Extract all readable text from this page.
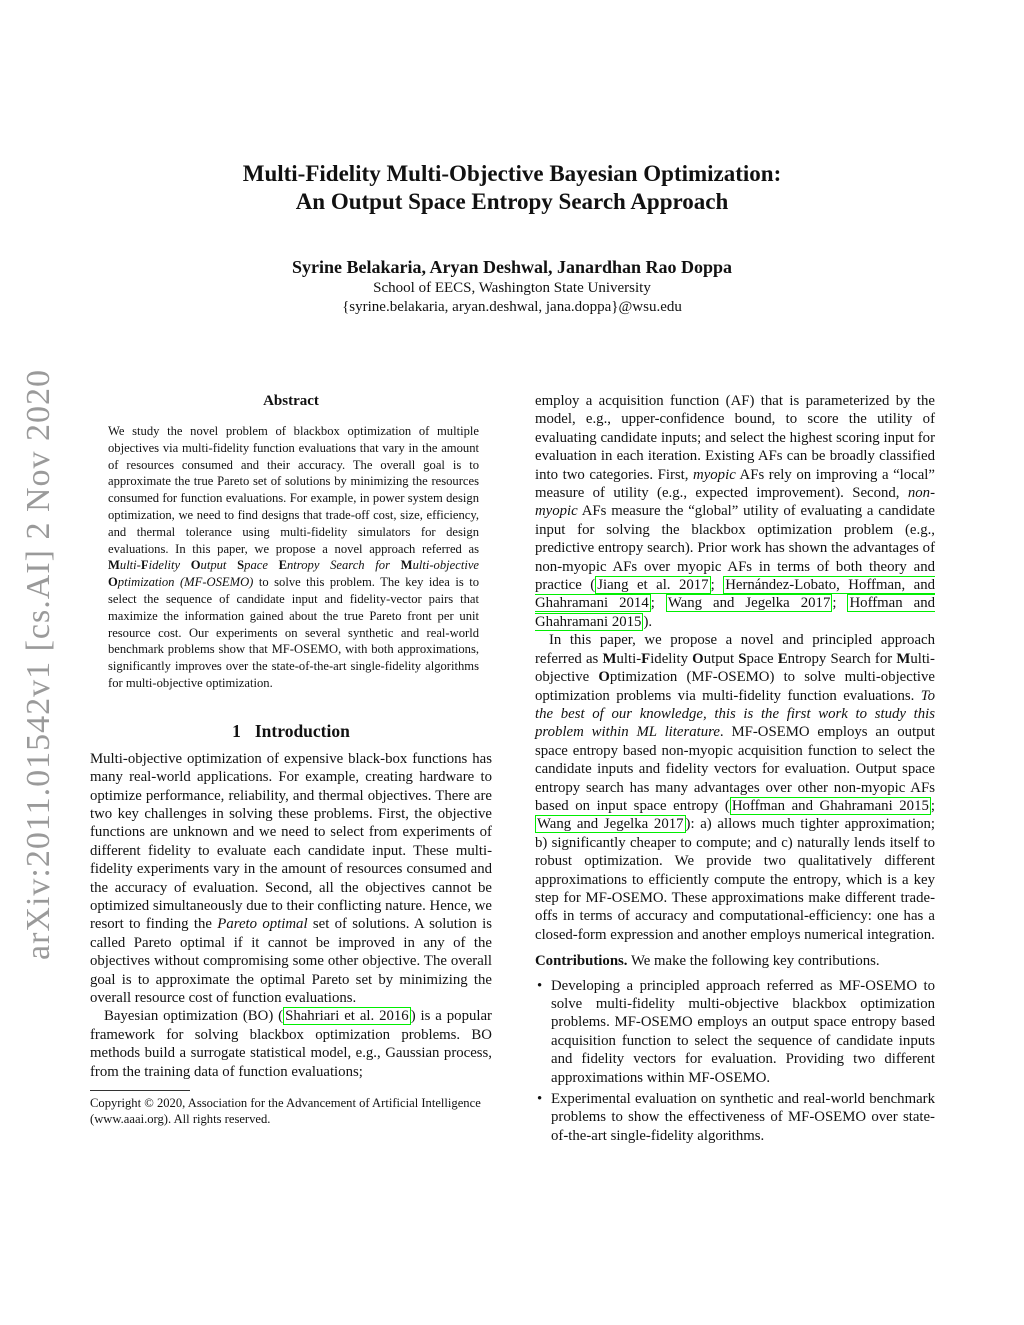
arXiv:2011.01542v1 [cs.AI] 2 Nov 2020
Multi-Fidelity Multi-Objective Bayesian Optimization:
An Output Space Entropy Search Approach
Syrine Belakaria, Aryan Deshwal, Janardhan Rao Doppa
School of EECS, Washington State University
{syrine.belakaria, aryan.deshwal, jana.doppa}@wsu.edu
Abstract

We study the novel problem of blackbox optimization of multiple objectives via multi-fidelity function evaluations that vary in the amount of resources consumed and their accuracy. The overall goal is to approximate the true Pareto set of solutions by minimizing the resources consumed for function evaluations. For example, in power system design optimization, we need to find designs that trade-off cost, size, efficiency, and thermal tolerance using multi-fidelity simulators for design evaluations. In this paper, we propose a novel approach referred as Multi-Fidelity Output Space Entropy Search for Multi-objective Optimization (MF-OSEMO) to solve this problem. The key idea is to select the sequence of candidate input and fidelity-vector pairs that maximize the information gained about the true Pareto front per unit resource cost. Our experiments on several synthetic and real-world benchmark problems show that MF-OSEMO, with both approximations, significantly improves over the state-of-the-art single-fidelity algorithms for multi-objective optimization.

1 Introduction

Multi-objective optimization of expensive black-box functions has many real-world applications. For example, creating hardware to optimize performance, reliability, and thermal objectives. There are two key challenges in solving these problems. First, the objective functions are unknown and we need to select from experiments of different fidelity to evaluate each candidate input. These multi-fidelity experiments vary in the amount of resources consumed and the accuracy of evaluation. Second, all the objectives cannot be optimized simultaneously due to their conflicting nature. Hence, we resort to finding the Pareto optimal set of solutions. A solution is called Pareto optimal if it cannot be improved in any of the objectives without compromising some other objective. The overall goal is to approximate the optimal Pareto set by minimizing the overall resource cost of function evaluations.

Bayesian optimization (BO) ( Shahriari et al. 2016 ) is a popular framework for solving blackbox optimization problems. BO methods build a surrogate statistical model, e.g., Gaussian process, from the training data of function evaluations;

Copyright © 2020, Association for the Advancement of Artificial Intelligence (www.aaai.org). All rights reserved.

employ a acquisition function (AF) that is parameterized by the model, e.g., upper-confidence bound, to score the utility of evaluating candidate inputs; and select the highest scoring input for evaluation in each iteration. Existing AFs can be broadly classified into two categories. First, myopic AFs rely on improving a “local” measure of utility (e.g., expected improvement). Second, non-myopic AFs measure the “global” utility of evaluating a candidate input for solving the blackbox optimization problem (e.g., predictive entropy search). Prior work has shown the advantages of non-myopic AFs over myopic AFs in terms of both theory and practice ( Jiang et al. 2017 ; Hernández-Lobato, Hoffman, and Ghahramani 2014 ; Wang and Jegelka 2017 ; Hoffman and Ghahramani 2015 ).

In this paper, we propose a novel and principled approach referred as Multi-Fidelity Output Space Entropy Search for Multi-objective Optimization (MF-OSEMO) to solve multi-objective optimization problems via multi-fidelity function evaluations. To the best of our knowledge, this is the first work to study this problem within ML literature. MF-OSEMO employs an output space entropy based non-myopic acquisition function to select the candidate inputs and fidelity vectors for evaluation. Output space entropy search has many advantages over other non-myopic AFs based on input space entropy ( Hoffman and Ghahramani 2015 ; Wang and Jegelka 2017 ): a) allows much tighter approximation; b) significantly cheaper to compute; and c) naturally lends itself to robust optimization. We provide two qualitatively different approximations to efficiently compute the entropy, which is a key step for MF-OSEMO. These approximations make different trade-offs in terms of accuracy and computational-efficiency: one has a closed-form expression and another employs numerical integration.

Contributions. We make the following key contributions.

• Developing a principled approach referred as MF-OSEMO to solve multi-fidelity multi-objective blackbox optimization problems. MF-OSEMO employs an output space entropy based acquisition function to select the sequence of candidate inputs and fidelity vectors for evaluation. Providing two different approximations within MF-OSEMO.
• Experimental evaluation on synthetic and real-world benchmark problems to show the effectiveness of MF-OSEMO over state-of-the-art single-fidelity algorithms.
